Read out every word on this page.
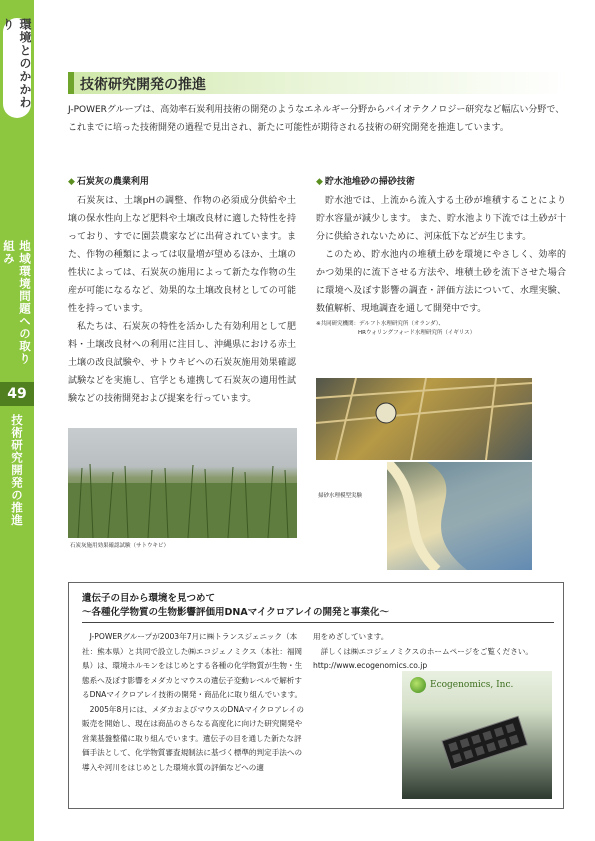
環境とのかかわり
地域環境問題への取り組み
49
技術研究開発の推進
技術研究開発の推進
J-POWERグループは、高効率石炭利用技術の開発のようなエネルギー分野からバイオテクノロジー研究など幅広い分野で、これまでに培った技術開発の過程で見出され、新たに可能性が期待される技術の研究開発を推進しています。
◆ 石炭灰の農業利用

石炭灰は、土壌pHの調整、作物の必須成分供給や土壌の保水性向上など肥料や土壌改良材に適した特性を持っており、すでに園芸農家などに出荷されています。また、作物の種類によっては収量増が望めるほか、土壌の性状によっては、石炭灰の施用によって新たな作物の生産が可能になるなど、効果的な土壌改良材としての可能性を持っています。

私たちは、石炭灰の特性を活かした有効利用として肥料・土壌改良材への利用に注目し、沖縄県における赤土土壌の改良試験や、サトウキビへの石炭灰施用効果確認試験などを実施し、官学とも連携して石炭灰の適用性試験などの技術開発および提案を行っています。

石炭灰施用効果確認試験（サトウキビ）
◆ 貯水池堆砂の掃砂技術

貯水池では、上流から流入する土砂が堆積することにより貯水容量が減少します。 また、貯水池より下流では土砂が十分に供給されないために、河床低下などが生じます。

このため、貯水池内の堆積土砂を環境にやさしく、効率的かつ効果的に流下させる方法や、堆積土砂を流下させた場合に環境へ及ぼす影響の調査・評価方法について、水理実験、数値解析、現地調査を通して開発中です。

※共同研究機関：デルフト水理研究所（オランダ）、
HRウォリングフォード水理研究所（イギリス）
掃砂水理模型実験
遺伝子の目から環境を見つめて
～各種化学物質の生物影響評価用DNAマイクロアレイの開発と事業化～

J-POWERグループが2003年7月に㈱トランスジェニック（本社：熊本県）と共同で設立した㈱エコジェノミクス（本社：福岡県）は、環境ホルモンをはじめとする各種の化学物質が生物・生態系へ及ぼす影響をメダカとマウスの遺伝子変動レベルで解析するDNAマイクロアレイ技術の開発・商品化に取り組んでいます。

2005年8月には、メダカおよびマウスのDNAマイクロアレイの販売を開始し、現在は商品のさらなる高度化に向けた研究開発や営業基盤整備に取り組んでいます。遺伝子の目を通した新たな評価手法として、化学物質審査規制法に基づく標準的判定手法への導入や河川をはじめとした環境水質の評価などへの適

用をめざしています。

詳しくは㈱エコジェノミクスのホームページをご覧ください。

http://www.ecogenomics.co.jp

Ecogenomics, Inc.
